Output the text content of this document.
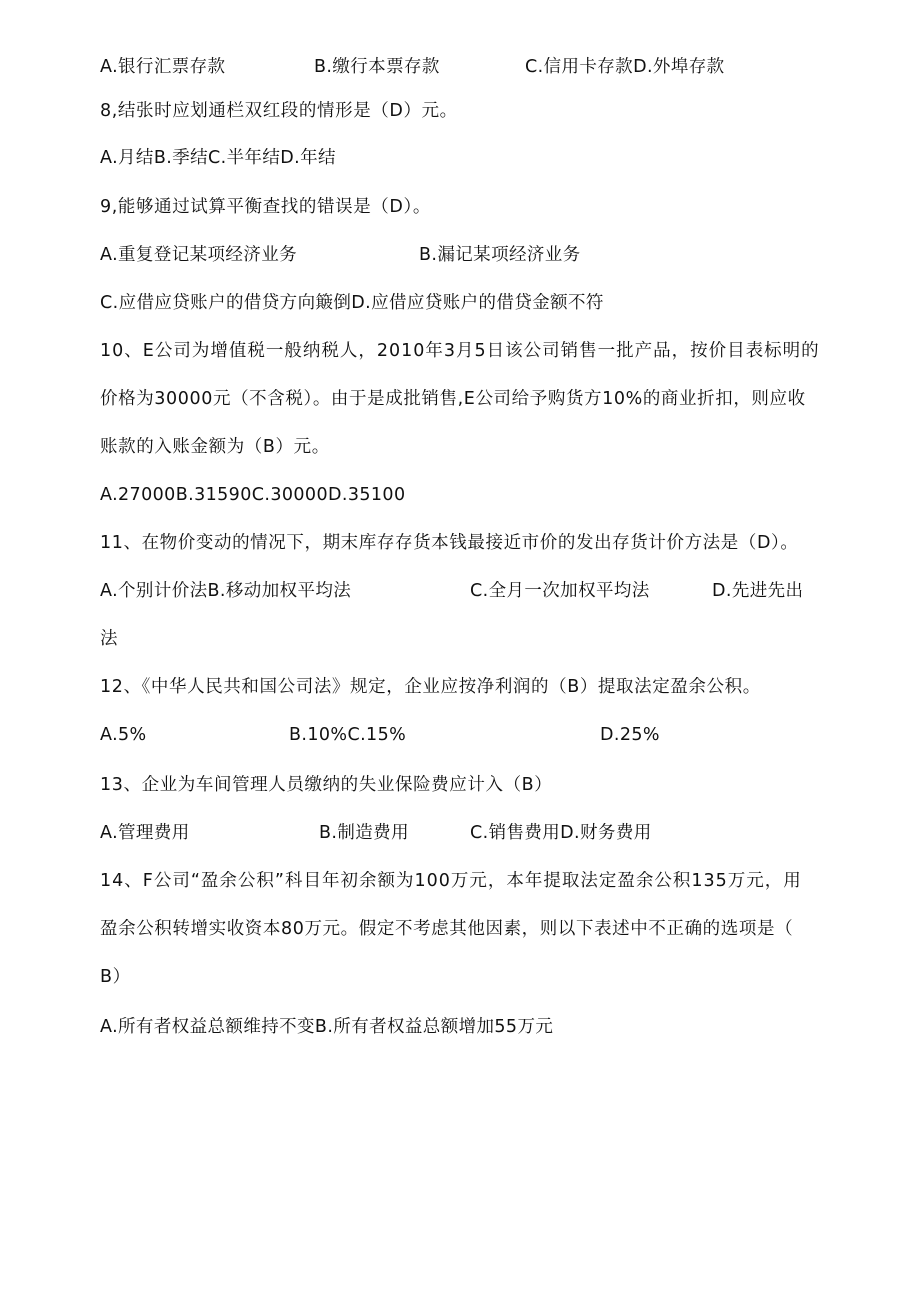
A.银行汇票存款	B.缴行本票存款	C.信用卡存款D.外埠存款
8,结张时应划通栏双红段的情形是（D）元。
A.月结B.季结C.半年结D.年结
9,能够通过试算平衡查找的错误是（D）。
A.重复登记某项经济业务	B.漏记某项经济业务
C.应借应贷账户的借贷方向簸倒D.应借应贷账户的借贷金额不符
10、E公司为增值税一般纳税人，2010年3月5日该公司销售一批产品，按价目表标明的
价格为30000元（不含税）。由于是成批销售,E公司给予购货方10%的商业折扣，则应收
账款的入账金额为（B）元。
A.27000B.31590C.30000D.35100
11、在物价变动的情况下，期末库存存货本钱最接近市价的发出存货计价方法是（D）。
A.个别计价法B.移动加权平均法	C.全月一次加权平均法	D.先进先出
法
12、《中华人民共和国公司法》规定，企业应按净利润的（B）提取法定盈余公积。
A.5%	B.10%C.15%	D.25%
13、企业为车间管理人员缴纳的失业保险费应计入（B）
A.管理费用	B.制造费用	C.销售费用D.财务费用
14、F公司“盈余公积”科目年初余额为100万元，本年提取法定盈余公积135万元，用
盈余公积转增实收资本80万元。假定不考虑其他因素，则以下表述中不正确的选项是（
B）
A.所有者权益总额维持不变B.所有者权益总额增加55万元
